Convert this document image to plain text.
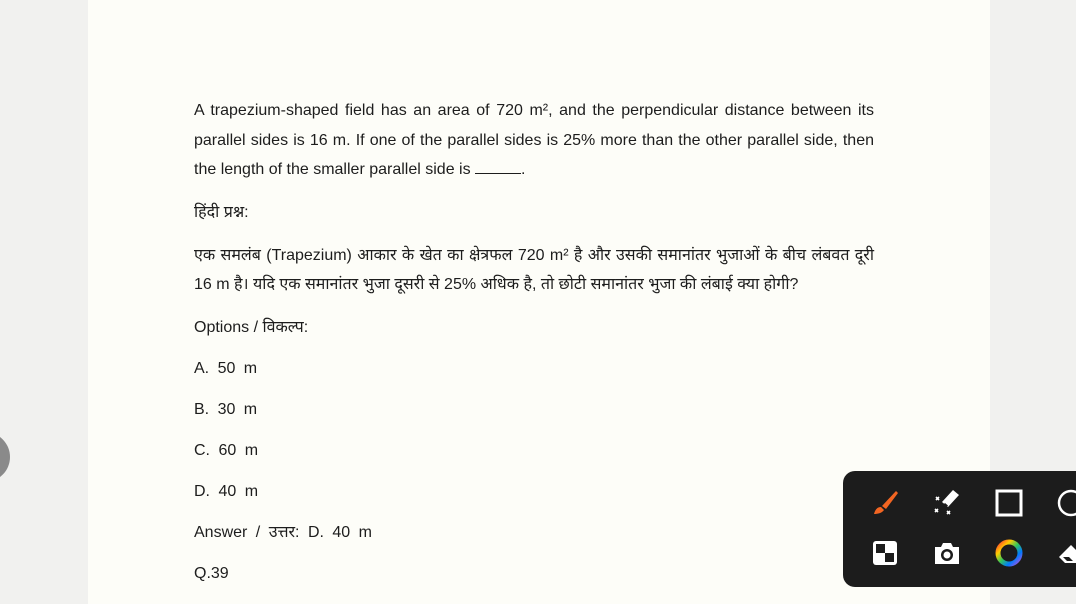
A trapezium-shaped field has an area of 720 m², and the perpendicular distance between its parallel sides is 16 m. If one of the parallel sides is 25% more than the other parallel side, then the length of the smaller parallel side is	.

हिंदी प्रश्न:

एक समलंब (Trapezium) आकार के खेत का क्षेत्रफल 720 m² है और उसकी समानांतर भुजाओं के बीच लंबवत दूरी 16 m है। यदि एक समानांतर भुजा दूसरी से 25% अधिक है, तो छोटी समानांतर भुजा की लंबाई क्या होगी?

Options / विकल्प:
A. 50 m
B. 30 m
C. 60 m
D. 40 m
Answer / उत्तर: D. 40 m
Q.39
